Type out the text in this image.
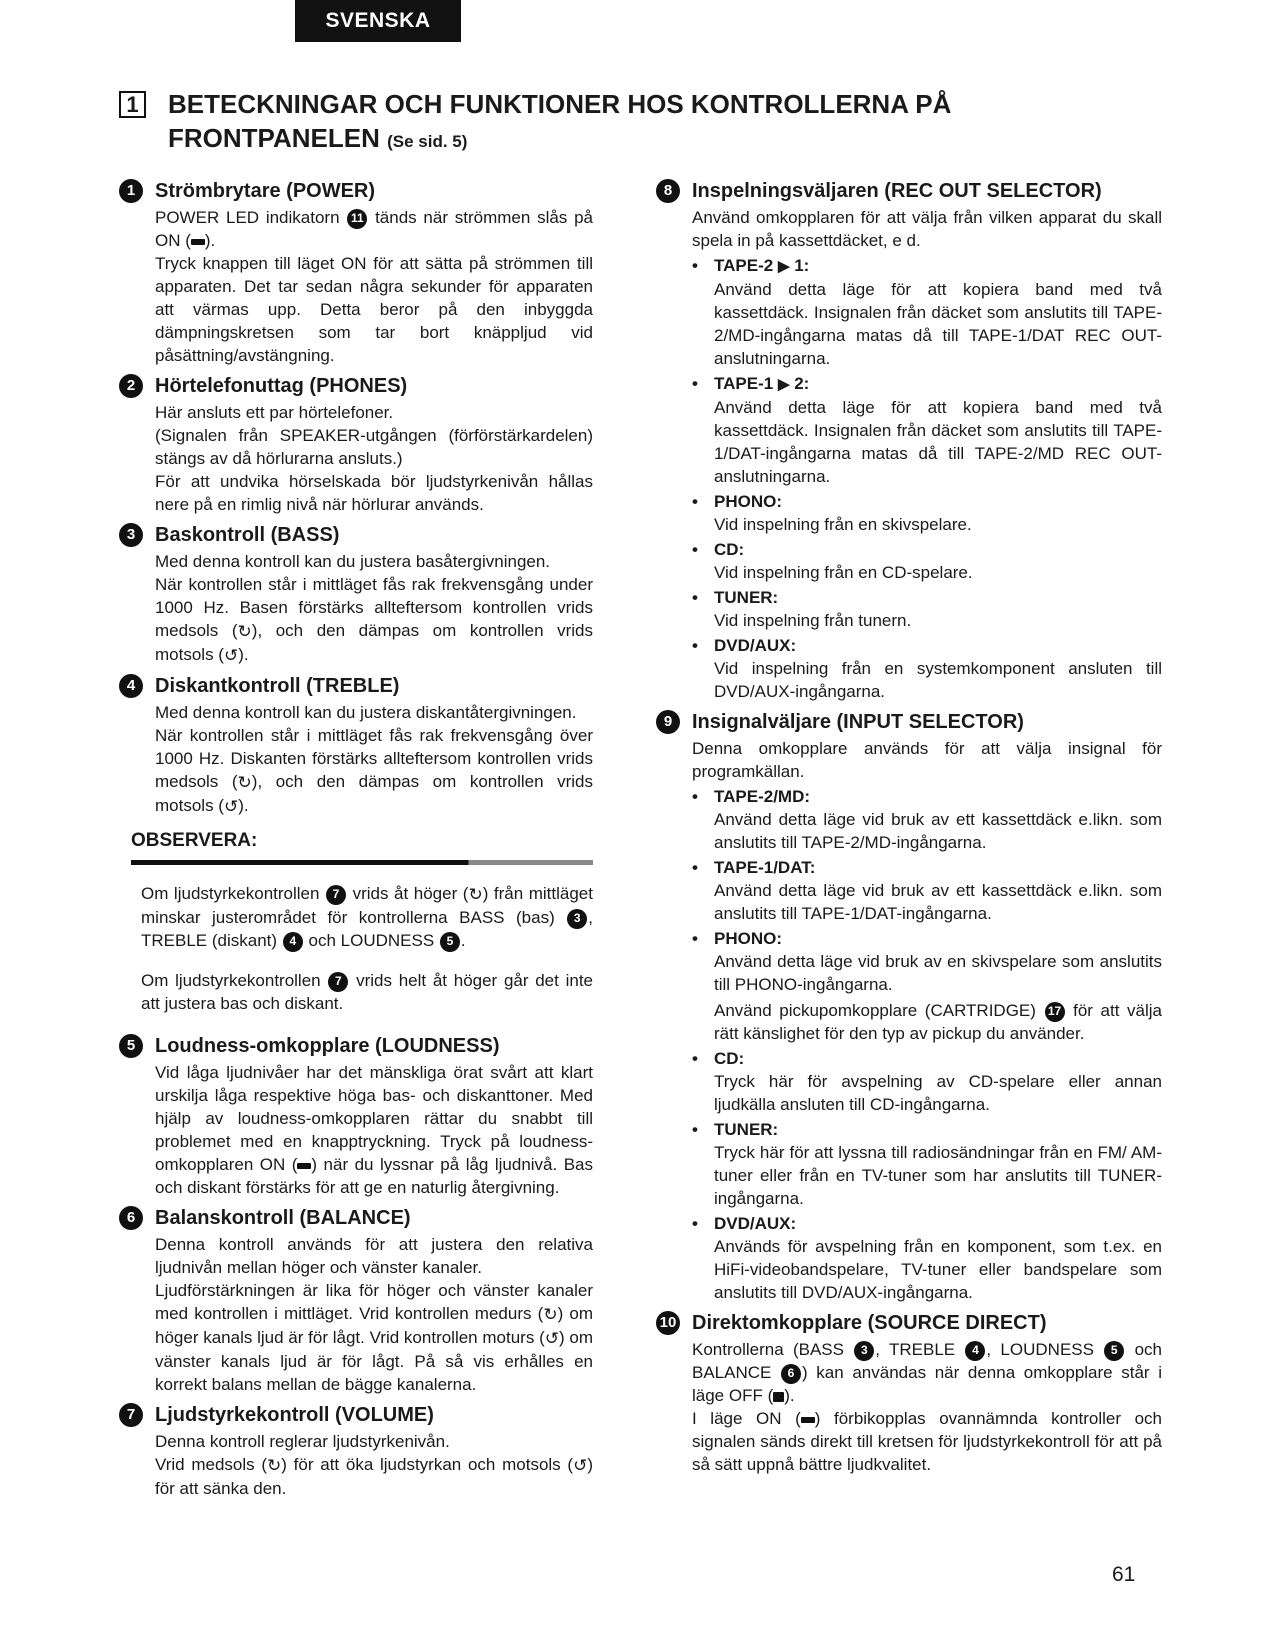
SVENSKA
1 BETECKNINGAR OCH FUNKTIONER HOS KONTROLLERNA PÅ FRONTPANELEN (Se sid. 5)
1 Strömbrytare (POWER)

POWER LED indikatorn 11 tänds när strömmen slås på ON ( ).

Tryck knappen till läget ON för att sätta på strömmen till apparaten. Det tar sedan några sekunder för apparaten att värmas upp. Detta beror på den inbyggda dämpningskretsen som tar bort knäppljud vid påsättning/avstängning.

2 Hörtelefonuttag (PHONES)

Här ansluts ett par hörtelefoner.

(Signalen från SPEAKER-utgången (förförstärkardelen) stängs av då hörlurarna ansluts.)

För att undvika hörselskada bör ljudstyrkenivån hållas nere på en rimlig nivå när hörlurar används.

3 Baskontroll (BASS)

Med denna kontroll kan du justera basåtergivningen.

När kontrollen står i mittläget fås rak frekvensgång under 1000 Hz. Basen förstärks allteftersom kontrollen vrids medsols (↻), och den dämpas om kontrollen vrids motsols (↺).

4 Diskantkontroll (TREBLE)

Med denna kontroll kan du justera diskantåtergivningen.

När kontrollen står i mittläget fås rak frekvensgång över 1000 Hz. Diskanten förstärks allteftersom kontrollen vrids medsols (↻), och den dämpas om kontrollen vrids motsols (↺).

OBSERVERA:

Om ljudstyrkekontrollen 7 vrids åt höger (↻) från mittläget minskar justerområdet för kontrollerna BASS (bas) 3 , TREBLE (diskant) 4 och LOUDNESS 5 .

Om ljudstyrkekontrollen 7 vrids helt åt höger går det inte att justera bas och diskant.

5 Loudness-omkopplare (LOUDNESS)

Vid låga ljudnivåer har det mänskliga örat svårt att klart urskilja låga respektive höga bas- och diskanttoner. Med hjälp av loudness-omkopplaren rättar du snabbt till problemet med en knapptryckning. Tryck på loudness-omkopplaren ON ( ) när du lyssnar på låg ljudnivå. Bas och diskant förstärks för att ge en naturlig återgivning.

6 Balanskontroll (BALANCE)

Denna kontroll används för att justera den relativa ljudnivån mellan höger och vänster kanaler.

Ljudförstärkningen är lika för höger och vänster kanaler med kontrollen i mittläget. Vrid kontrollen medurs (↻) om höger kanals ljud är för lågt. Vrid kontrollen moturs (↺) om vänster kanals ljud är för lågt. På så vis erhålles en korrekt balans mellan de bägge kanalerna.

7 Ljudstyrkekontroll (VOLUME)

Denna kontroll reglerar ljudstyrkenivån.

Vrid medsols (↻) för att öka ljudstyrkan och motsols (↺) för att sänka den.

8 Inspelningsväljaren (REC OUT SELECTOR)

Använd omkopplaren för att välja från vilken apparat du skall spela in på kassettdäcket, e d.

• TAPE-2 ▶ 1:

Använd detta läge för att kopiera band med två kassettdäck. Insignalen från däcket som anslutits till TAPE-2/MD-ingångarna matas då till TAPE-1/DAT REC OUT-anslutningarna.

• TAPE-1 ▶ 2:

Använd detta läge för att kopiera band med två kassettdäck. Insignalen från däcket som anslutits till TAPE-1/DAT-ingångarna matas då till TAPE-2/MD REC OUT-anslutningarna.

• PHONO:

Vid inspelning från en skivspelare.

• CD:

Vid inspelning från en CD-spelare.

• TUNER:

Vid inspelning från tunern.

• DVD/AUX:

Vid inspelning från en systemkomponent ansluten till DVD/AUX-ingångarna.

9 Insignalväljare (INPUT SELECTOR)

Denna omkopplare används för att välja insignal för programkällan.

• TAPE-2/MD:

Använd detta läge vid bruk av ett kassettdäck e.likn. som anslutits till TAPE-2/MD-ingångarna.

• TAPE-1/DAT:

Använd detta läge vid bruk av ett kassettdäck e.likn. som anslutits till TAPE-1/DAT-ingångarna.

• PHONO:

Använd detta läge vid bruk av en skivspelare som anslutits till PHONO-ingångarna.

Använd pickupomkopplare (CARTRIDGE) 17 för att välja rätt känslighet för den typ av pickup du använder.

• CD:

Tryck här för avspelning av CD-spelare eller annan ljudkälla ansluten till CD-ingångarna.

• TUNER:

Tryck här för att lyssna till radiosändningar från en FM/ AM-tuner eller från en TV-tuner som har anslutits till TUNER-ingångarna.

• DVD/AUX:

Används för avspelning från en komponent, som t.ex. en HiFi-videobandspelare, TV-tuner eller bandspelare som anslutits till DVD/AUX-ingångarna.

10 Direktomkopplare (SOURCE DIRECT)

Kontrollerna (BASS 3 , TREBLE 4 , LOUDNESS 5 och BALANCE 6 ) kan användas när denna omkopplare står i läge OFF ( ).

I läge ON ( ) förbikopplas ovannämnda kontroller och signalen sänds direkt till kretsen för ljudstyrkekontroll för att på så sätt uppnå bättre ljudkvalitet.

61
